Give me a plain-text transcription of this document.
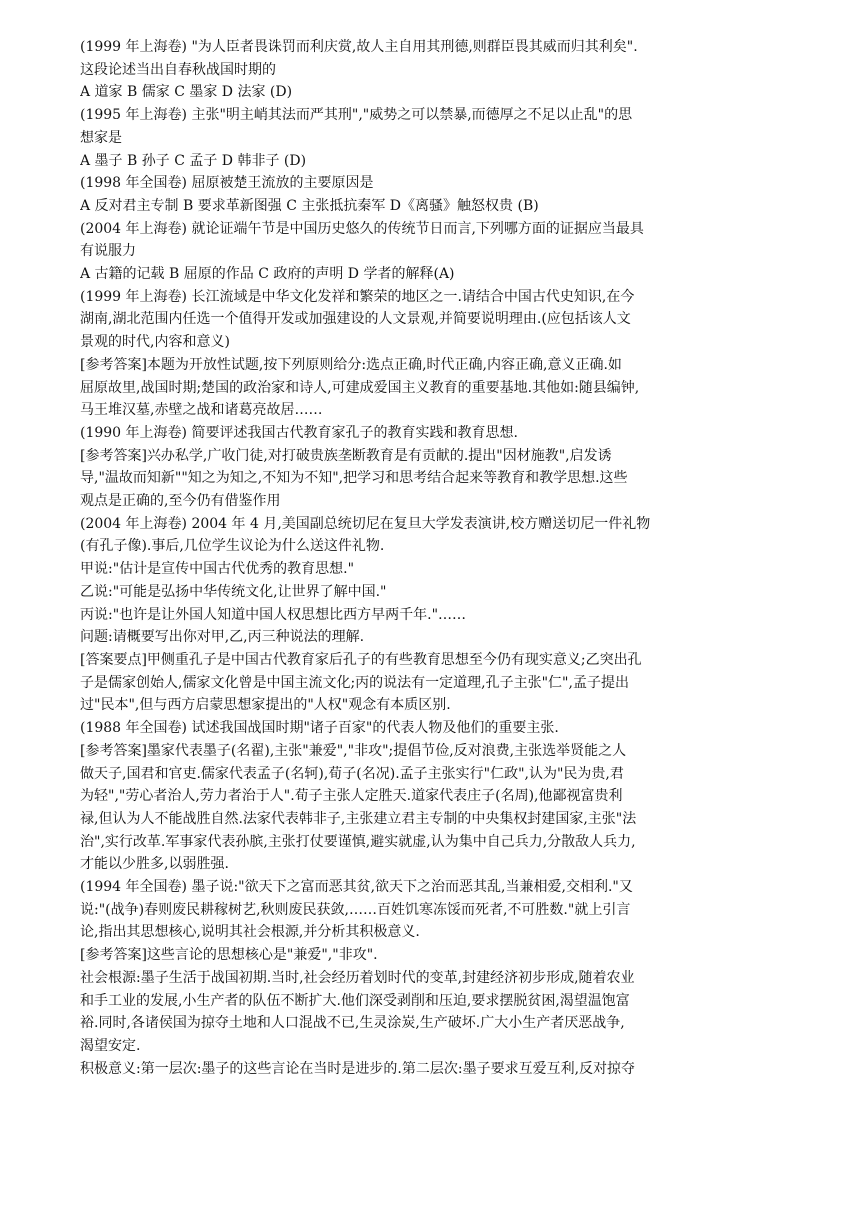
(1999 年上海卷) "为人臣者畏诛罚而利庆赏,故人主自用其刑德,则群臣畏其威而归其利矣".
这段论述当出自春秋战国时期的
A 道家 B 儒家 C 墨家 D 法家 (D)
(1995 年上海卷) 主张"明主峭其法而严其刑","威势之可以禁暴,而德厚之不足以止乱"的思
想家是
A 墨子 B 孙子 C 孟子 D 韩非子 (D)
(1998 年全国卷) 屈原被楚王流放的主要原因是
A 反对君主专制 B 要求革新图强 C 主张抵抗秦军 D《离骚》触怒权贵 (B)
(2004 年上海卷) 就论证端午节是中国历史悠久的传统节日而言,下列哪方面的证据应当最具
有说服力
A 古籍的记载 B 屈原的作品 C 政府的声明 D 学者的解释(A)
(1999 年上海卷) 长江流域是中华文化发祥和繁荣的地区之一.请结合中国古代史知识,在今
湖南,湖北范围内任选一个值得开发或加强建设的人文景观,并简要说明理由.(应包括该人文
景观的时代,内容和意义)
[参考答案]本题为开放性试题,按下列原则给分:选点正确,时代正确,内容正确,意义正确.如
屈原故里,战国时期;楚国的政治家和诗人,可建成爱国主义教育的重要基地.其他如:随县编钟,
马王堆汉墓,赤壁之战和诸葛亮故居……
(1990 年上海卷) 简要评述我国古代教育家孔子的教育实践和教育思想.
[参考答案]兴办私学,广收门徒,对打破贵族垄断教育是有贡献的.提出"因材施教",启发诱
导,"温故而知新""知之为知之,不知为不知",把学习和思考结合起来等教育和教学思想.这些
观点是正确的,至今仍有借鉴作用
(2004 年上海卷) 2004 年 4 月,美国副总统切尼在复旦大学发表演讲,校方赠送切尼一件礼物
(有孔子像).事后,几位学生议论为什么送这件礼物.
甲说:"估计是宣传中国古代优秀的教育思想."
乙说:"可能是弘扬中华传统文化,让世界了解中国."
丙说:"也许是让外国人知道中国人权思想比西方早两千年."……
问题:请概要写出你对甲,乙,丙三种说法的理解.
[答案要点]甲侧重孔子是中国古代教育家后孔子的有些教育思想至今仍有现实意义;乙突出孔
子是儒家创始人,儒家文化曾是中国主流文化;丙的说法有一定道理,孔子主张"仁",孟子提出
过"民本",但与西方启蒙思想家提出的"人权"观念有本质区别.
(1988 年全国卷) 试述我国战国时期"诸子百家"的代表人物及他们的重要主张.
[参考答案]墨家代表墨子(名翟),主张"兼爱","非攻";提倡节俭,反对浪费,主张选举贤能之人
做天子,国君和官吏.儒家代表孟子(名轲),荀子(名况).孟子主张实行"仁政",认为"民为贵,君
为轻","劳心者治人,劳力者治于人".荀子主张人定胜天.道家代表庄子(名周),他鄙视富贵利
禄,但认为人不能战胜自然.法家代表韩非子,主张建立君主专制的中央集权封建国家,主张"法
治",实行改革.军事家代表孙膑,主张打仗要谨慎,避实就虚,认为集中自己兵力,分散敌人兵力,
才能以少胜多,以弱胜强.
(1994 年全国卷) 墨子说:"欲天下之富而恶其贫,欲天下之治而恶其乱,当兼相爱,交相利."又
说:"(战争)春则废民耕稼树艺,秋则废民获敛,……百姓饥寒冻馁而死者,不可胜数."就上引言
论,指出其思想核心,说明其社会根源,并分析其积极意义.
[参考答案]这些言论的思想核心是"兼爱","非攻".
社会根源:墨子生活于战国初期.当时,社会经历着划时代的变革,封建经济初步形成,随着农业
和手工业的发展,小生产者的队伍不断扩大.他们深受剥削和压迫,要求摆脱贫困,渴望温饱富
裕.同时,各诸侯国为掠夺土地和人口混战不已,生灵涂炭,生产破坏.广大小生产者厌恶战争,
渴望安定.
积极意义:第一层次:墨子的这些言论在当时是进步的.第二层次:墨子要求互爱互利,反对掠夺
